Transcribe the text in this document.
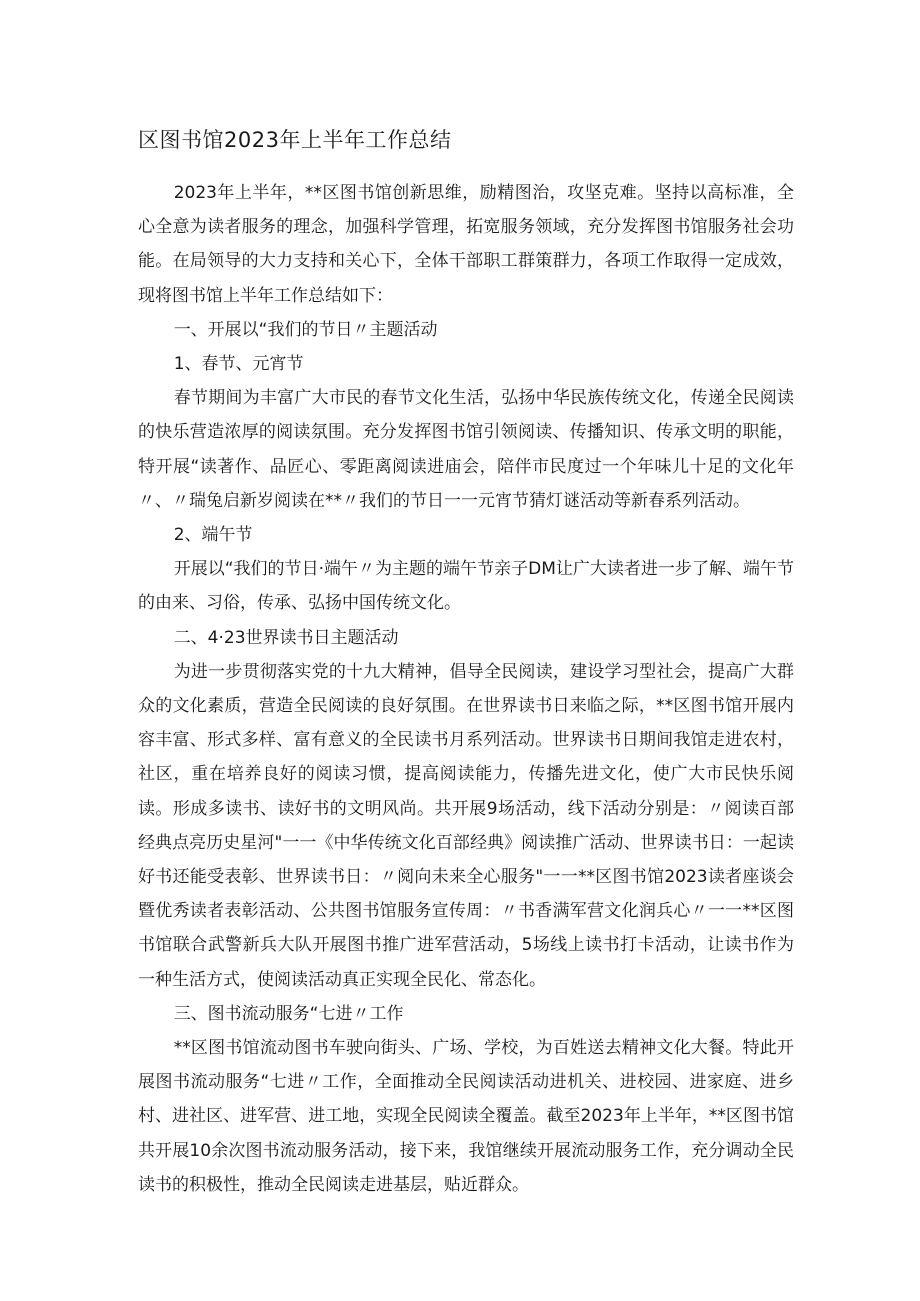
区图书馆2023年上半年工作总结

2023年上半年，**区图书馆创新思维，励精图治，攻坚克难。坚持以高标准，全心全意为读者服务的理念，加强科学管理，拓宽服务领域，充分发挥图书馆服务社会功能。在局领导的大力支持和关心下，全体干部职工群策群力，各项工作取得一定成效，现将图书馆上半年工作总结如下：

一、开展以“我们的节日〃主题活动

1、春节、元宵节

春节期间为丰富广大市民的春节文化生活，弘扬中华民族传统文化，传递全民阅读的快乐营造浓厚的阅读氛围。充分发挥图书馆引领阅读、传播知识、传承文明的职能，特开展“读著作、品匠心、零距离阅读进庙会，陪伴市民度过一个年味儿十足的文化年〃、〃瑞兔启新岁阅读在**〃我们的节日一一元宵节猜灯谜活动等新春系列活动。

2、端午节

开展以“我们的节日·端午〃为主题的端午节亲子DM让广大读者进一步了解、端午节的由来、习俗，传承、弘扬中国传统文化。

二、4·23世界读书日主题活动

为进一步贯彻落实党的十九大精神，倡导全民阅读，建设学习型社会，提高广大群众的文化素质，营造全民阅读的良好氛围。在世界读书日来临之际，**区图书馆开展内容丰富、形式多样、富有意义的全民读书月系列活动。世界读书日期间我馆走进农村，社区，重在培养良好的阅读习惯，提高阅读能力，传播先进文化，使广大市民快乐阅读。形成多读书、读好书的文明风尚。共开展9场活动，线下活动分别是：〃阅读百部经典点亮历史星河"一一《中华传统文化百部经典》阅读推广活动、世界读书日：一起读好书还能受表彰、世界读书日：〃阅向未来全心服务"一一**区图书馆2023读者座谈会暨优秀读者表彰活动、公共图书馆服务宣传周：〃书香满军营文化润兵心〃一一**区图书馆联合武警新兵大队开展图书推广进军营活动，5场线上读书打卡活动，让读书作为一种生活方式，使阅读活动真正实现全民化、常态化。

三、图书流动服务“七进〃工作

**区图书馆流动图书车驶向街头、广场、学校，为百姓送去精神文化大餐。特此开展图书流动服务“七进〃工作，全面推动全民阅读活动进机关、进校园、进家庭、进乡村、进社区、进军营、进工地，实现全民阅读全覆盖。截至2023年上半年，**区图书馆共开展10余次图书流动服务活动，接下来，我馆继续开展流动服务工作，充分调动全民读书的积极性，推动全民阅读走进基层，贴近群众。
